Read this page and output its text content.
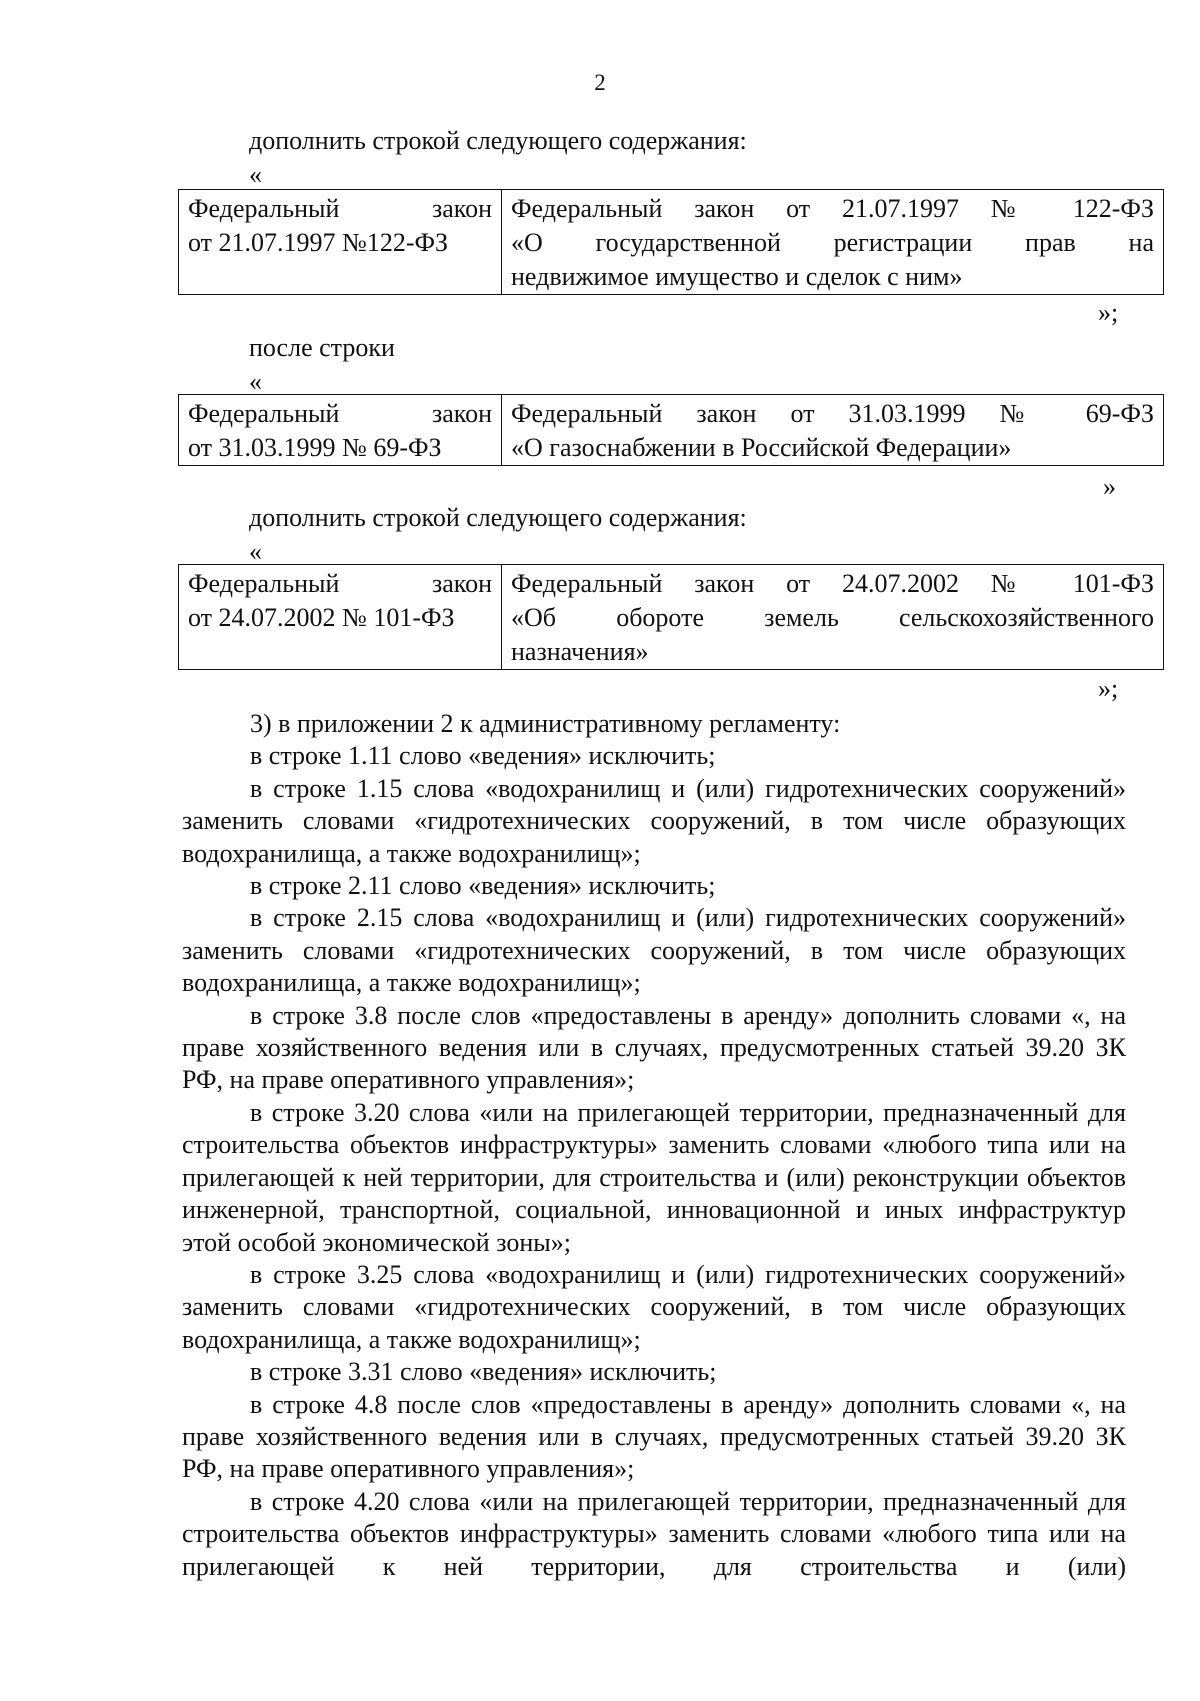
2
дополнить строкой следующего содержания:
«
Федеральный	закон
от 21.07.1997 №122-ФЗ

Федеральный закон от 21.07.1997 № 122-ФЗ
«О государственной регистрации прав на
недвижимое имущество и сделок с ним»
»;
после строки
«
Федеральный	закон
от 31.03.1999 № 69-ФЗ

Федеральный закон от 31.03.1999 № 69-ФЗ
«О газоснабжении в Российской Федерации»
»
дополнить строкой следующего содержания:
«
Федеральный	закон
от 24.07.2002 № 101-ФЗ

Федеральный закон от 24.07.2002 № 101-ФЗ
«Об обороте земель сельскохозяйственного
назначения»
»;
3) в приложении 2 к административному регламенту:
в строке 1.11 слово «ведения» исключить;
в строке 1.15 слова «водохранилищ и (или) гидротехнических сооружений» заменить словами «гидротехнических сооружений, в том числе образующих водохранилища, а также водохранилищ»;
в строке 2.11 слово «ведения» исключить;
в строке 2.15 слова «водохранилищ и (или) гидротехнических сооружений» заменить словами «гидротехнических сооружений, в том числе образующих водохранилища, а также водохранилищ»;
в строке 3.8 после слов «предоставлены в аренду» дополнить словами «, на праве хозяйственного ведения или в случаях, предусмотренных статьей 39.20 ЗК РФ, на праве оперативного управления»;
в строке 3.20 слова «или на прилегающей территории, предназначенный для строительства объектов инфраструктуры» заменить словами «любого типа или на прилегающей к ней территории, для строительства и (или) реконструкции объектов инженерной, транспортной, социальной, инновационной и иных инфраструктур этой особой экономической зоны»;
в строке 3.25 слова «водохранилищ и (или) гидротехнических сооружений» заменить словами «гидротехнических сооружений, в том числе образующих водохранилища, а также водохранилищ»;
в строке 3.31 слово «ведения» исключить;
в строке 4.8 после слов «предоставлены в аренду» дополнить словами «, на праве хозяйственного ведения или в случаях, предусмотренных статьей 39.20 ЗК РФ, на праве оперативного управления»;
в строке 4.20 слова «или на прилегающей территории, предназначенный для строительства объектов инфраструктуры» заменить словами «любого типа или на прилегающей к ней территории, для строительства и (или)
